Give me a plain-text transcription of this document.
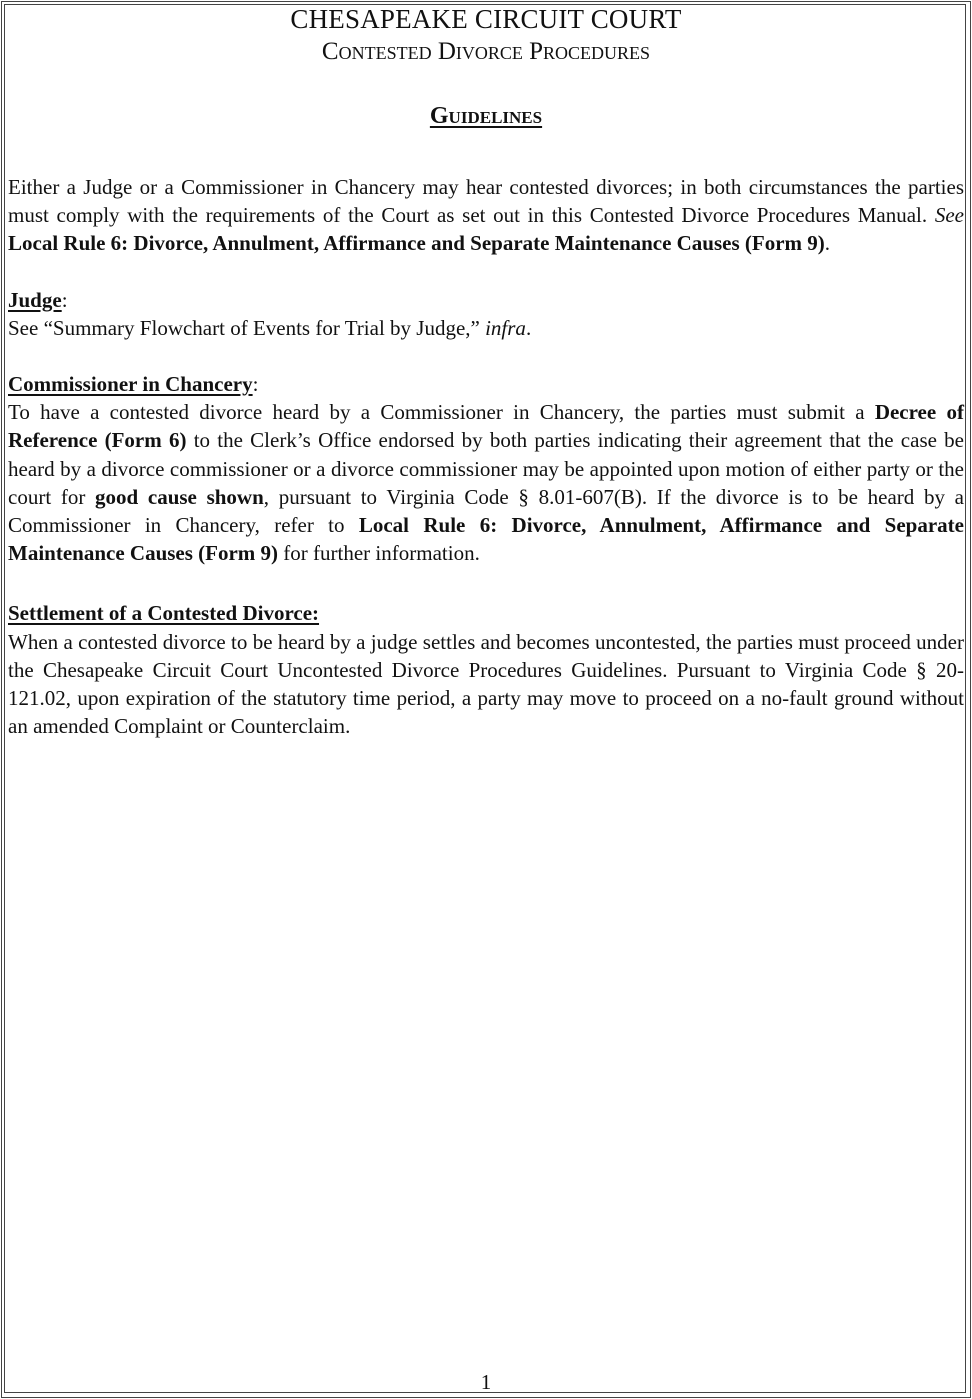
CHESAPEAKE CIRCUIT COURT
Contested Divorce Procedures
Guidelines

Either a Judge or a Commissioner in Chancery may hear contested divorces; in both circumstances the parties must comply with the requirements of the Court as set out in this Contested Divorce Procedures Manual. See Local Rule 6: Divorce, Annulment, Affirmance and Separate Maintenance Causes (Form 9).

Judge:
See “Summary Flowchart of Events for Trial by Judge,” infra.

Commissioner in Chancery:
To have a contested divorce heard by a Commissioner in Chancery, the parties must submit a Decree of Reference (Form 6) to the Clerk’s Office endorsed by both parties indicating their agreement that the case be heard by a divorce commissioner or a divorce commissioner may be appointed upon motion of either party or the court for good cause shown, pursuant to Virginia Code § 8.01-607(B). If the divorce is to be heard by a Commissioner in Chancery, refer to Local Rule 6: Divorce, Annulment, Affirmance and Separate Maintenance Causes (Form 9) for further information.

Settlement of a Contested Divorce:
When a contested divorce to be heard by a judge settles and becomes uncontested, the parties must proceed under the Chesapeake Circuit Court Uncontested Divorce Procedures Guidelines. Pursuant to Virginia Code § 20-121.02, upon expiration of the statutory time period, a party may move to proceed on a no-fault ground without an amended Complaint or Counterclaim.

1
